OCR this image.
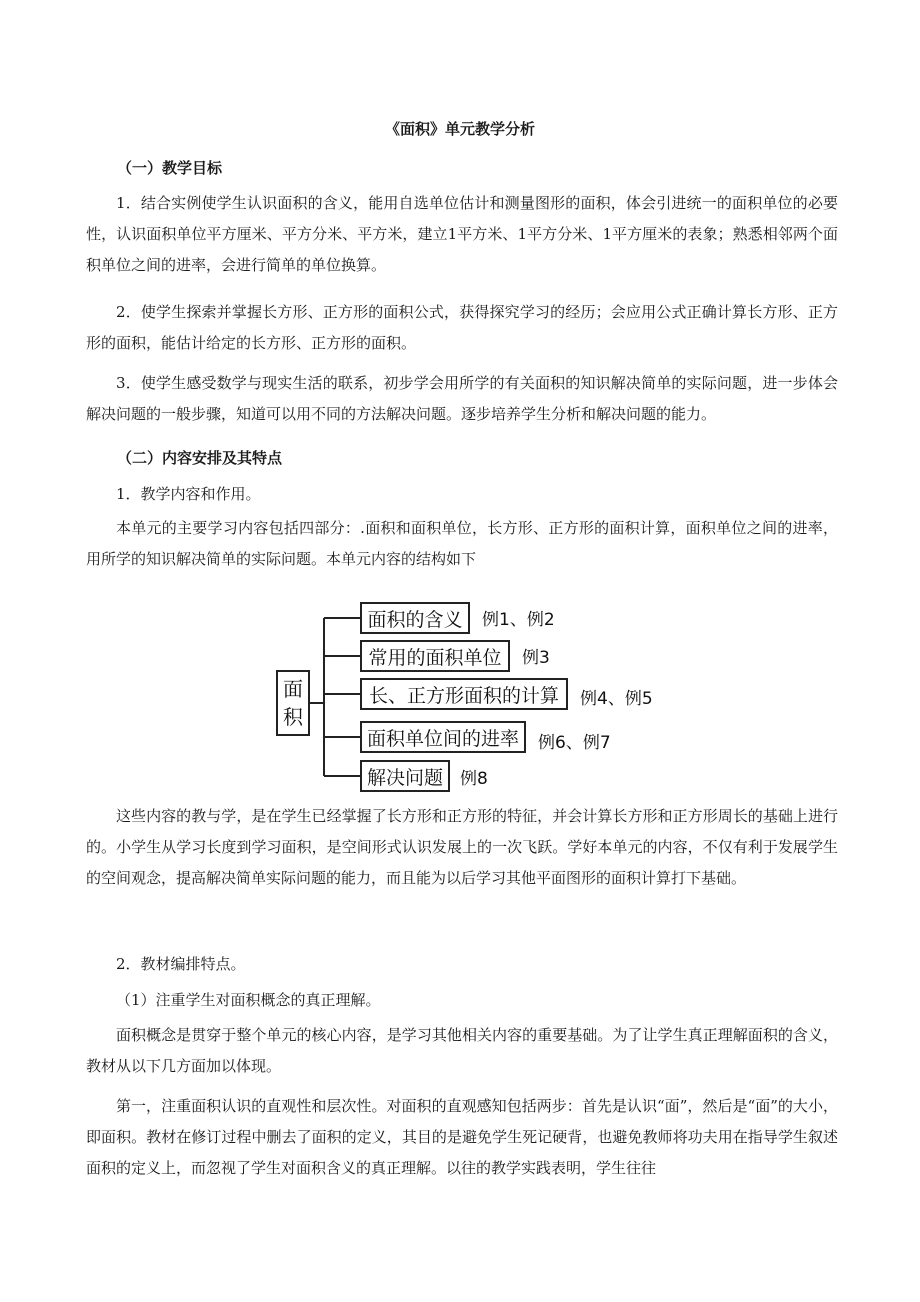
《面积》单元教学分析
（一）教学目标

1．结合实例使学生认识面积的含义，能用自选单位估计和测量图形的面积，体会引进统一的面积单位的必要性，认识面积单位平方厘米、平方分米、平方米，建立1平方米、1平方分米、1平方厘米的表象；熟悉相邻两个面积单位之间的进率，会进行简单的单位换算。

2．使学生探索并掌握长方形、正方形的面积公式，获得探究学习的经历；会应用公式正确计算长方形、正方形的面积，能估计给定的长方形、正方形的面积。

3．使学生感受数学与现实生活的联系，初步学会用所学的有关面积的知识解决简单的实际问题，进一步体会解决问题的一般步骤，知道可以用不同的方法解决问题。逐步培养学生分析和解决问题的能力。

（二）内容安排及其特点
1．教学内容和作用。

本单元的主要学习内容包括四部分：.面积和面积单位，长方形、正方形的面积计算，面积单位之间的进率，用所学的知识解决简单的实际问题。本单元内容的结构如下

面
积
面积的含义	例1、例2
常用的面积单位	例3
长、正方形面积的计算	例4、例5
面积单位间的进率	例6、例7
解决问题	例8

这些内容的教与学，是在学生已经掌握了长方形和正方形的特征，并会计算长方形和正方形周长的基础上进行的。小学生从学习长度到学习面积，是空间形式认识发展上的一次飞跃。学好本单元的内容，不仅有利于发展学生的空间观念，提高解决简单实际问题的能力，而且能为以后学习其他平面图形的面积计算打下基础。

2．教材编排特点。
（1）注重学生对面积概念的真正理解。

面积概念是贯穿于整个单元的核心内容，是学习其他相关内容的重要基础。为了让学生真正理解面积的含义，教材从以下几方面加以体现。

第一，注重面积认识的直观性和层次性。对面积的直观感知包括两步：首先是认识“面”，然后是“面”的大小，即面积。教材在修订过程中删去了面积的定义，其目的是避免学生死记硬背，也避免教师将功夫用在指导学生叙述面积的定义上，而忽视了学生对面积含义的真正理解。以往的教学实践表明，学生往往
